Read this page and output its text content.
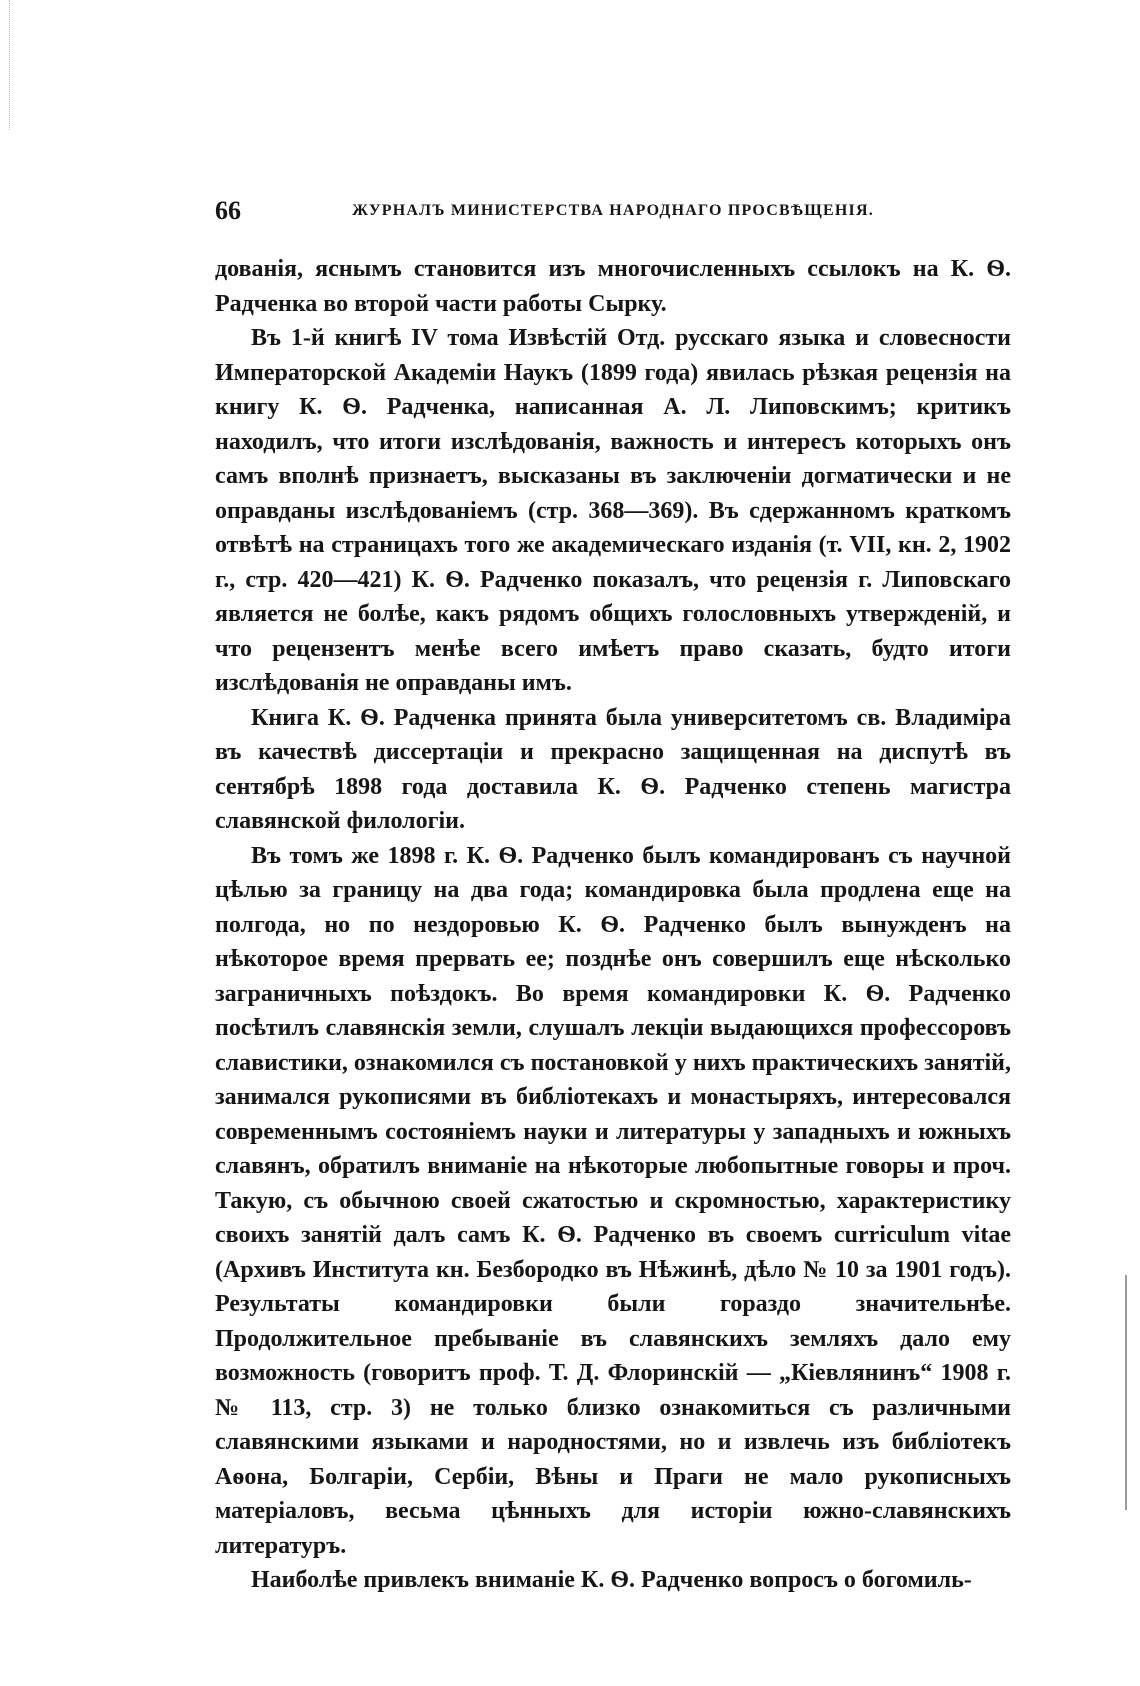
66	ЖУРНАЛЪ МИНИСТЕРСТВА НАРОДНАГО ПРОСВѢЩЕНІЯ.

дованія, яснымъ становится изъ многочисленныхъ ссылокъ на К. Ѳ. Радченка во второй части работы Сырку.

Въ 1-й книгѣ IV тома Извѣстій Отд. русскаго языка и словесности Императорской Академіи Наукъ (1899 года) явилась рѣзкая рецензія на книгу К. Ѳ. Радченка, написанная А. Л. Липовскимъ; критикъ находилъ, что итоги изслѣдованія, важность и интересъ которыхъ онъ самъ вполнѣ признаетъ, высказаны въ заключеніи догматически и не оправданы изслѣдованіемъ (стр. 368—369). Въ сдержанномъ краткомъ отвѣтѣ на страницахъ того же академическаго изданія (т. VII, кн. 2, 1902 г., стр. 420—421) К. Ѳ. Радченко показалъ, что рецензія г. Липовскаго является не болѣе, какъ рядомъ общихъ голословныхъ утвержденій, и что рецензентъ менѣе всего имѣетъ право сказать, будто итоги изслѣдованія не оправданы имъ.

Книга К. Ѳ. Радченка принята была университетомъ св. Владиміра въ качествѣ диссертаціи и прекрасно защищенная на диспутѣ въ сентябрѣ 1898 года доставила К. Ѳ. Радченко степень магистра славянской филологіи.

Въ томъ же 1898 г. К. Ѳ. Радченко былъ командированъ съ научной цѣлью за границу на два года; командировка была продлена еще на полгода, но по нездоровью К. Ѳ. Радченко былъ вынужденъ на нѣкоторое время прервать ее; позднѣе онъ совершилъ еще нѣсколько заграничныхъ поѣздокъ. Во время командировки К. Ѳ. Радченко посѣтилъ славянскія земли, слушалъ лекціи выдающихся профессоровъ славистики, ознакомился съ постановкой у нихъ практическихъ занятій, занимался рукописями въ библіотекахъ и монастыряхъ, интересовался современнымъ состояніемъ науки и литературы у западныхъ и южныхъ славянъ, обратилъ вниманіе на нѣкоторые любопытные говоры и проч. Такую, съ обычною своей сжатостью и скромностью, характеристику своихъ занятій далъ самъ К. Ѳ. Радченко въ своемъ curriculum vitae (Архивъ Института кн. Безбородко въ Нѣжинѣ, дѣло № 10 за 1901 годъ). Результаты командировки были гораздо значительнѣе. Продолжительное пребываніе въ славянскихъ земляхъ дало ему возможность (говоритъ проф. Т. Д. Флоринскій — „Кіевлянинъ“ 1908 г. № 113, стр. 3) не только близко ознакомиться съ различными славянскими языками и народностями, но и извлечь изъ библіотекъ Аѳона, Болгаріи, Сербіи, Вѣны и Праги не мало рукописныхъ матеріаловъ, весьма цѣнныхъ для исторіи южно-славянскихъ литературъ.

Наиболѣе привлекъ вниманіе К. Ѳ. Радченко вопросъ о богомиль-
